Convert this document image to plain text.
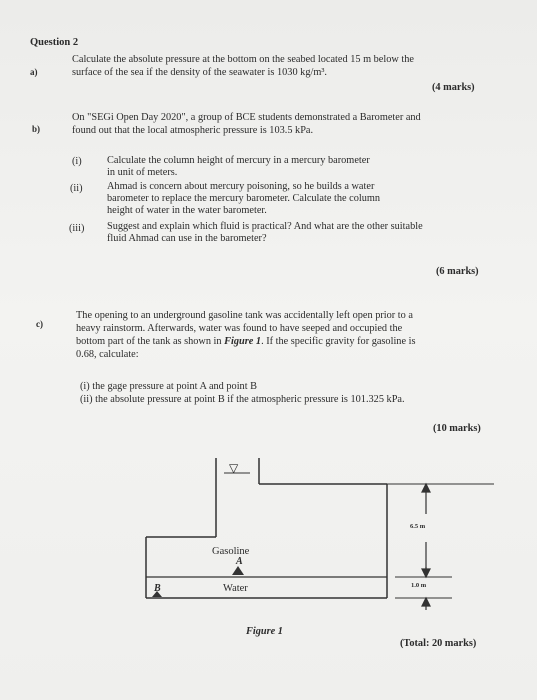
Question 2
a)
Calculate the absolute pressure at the bottom on the seabed located 15 m below the
surface of the sea if the density of the seawater is 1030 kg/m³.
(4 marks)
b)
On "SEGi Open Day 2020", a group of BCE students demonstrated a Barometer and
found out that the local atmospheric pressure is 103.5 kPa.
(i) Calculate the column height of mercury in a mercury barometer
in unit of meters.
(ii) Ahmad is concern about mercury poisoning, so he builds a water
barometer to replace the mercury barometer. Calculate the column
height of water in the water barometer.
(iii) Suggest and explain which fluid is practical? And what are the other suitable
fluid Ahmad can use in the barometer?
(6 marks)
c)
The opening to an underground gasoline tank was accidentally left open prior to a
heavy rainstorm. Afterwards, water was found to have seeped and occupied the
bottom part of the tank as shown in Figure 1. If the specific gravity for gasoline is
0.68, calculate:
(i) the gage pressure at point A and point B
(ii) the absolute pressure at point B if the atmospheric pressure is 101.325 kPa.
(10 marks)
▽
Gasoline
A
Water
B
6.5 m
1.0 m
Figure 1
(Total: 20 marks)
